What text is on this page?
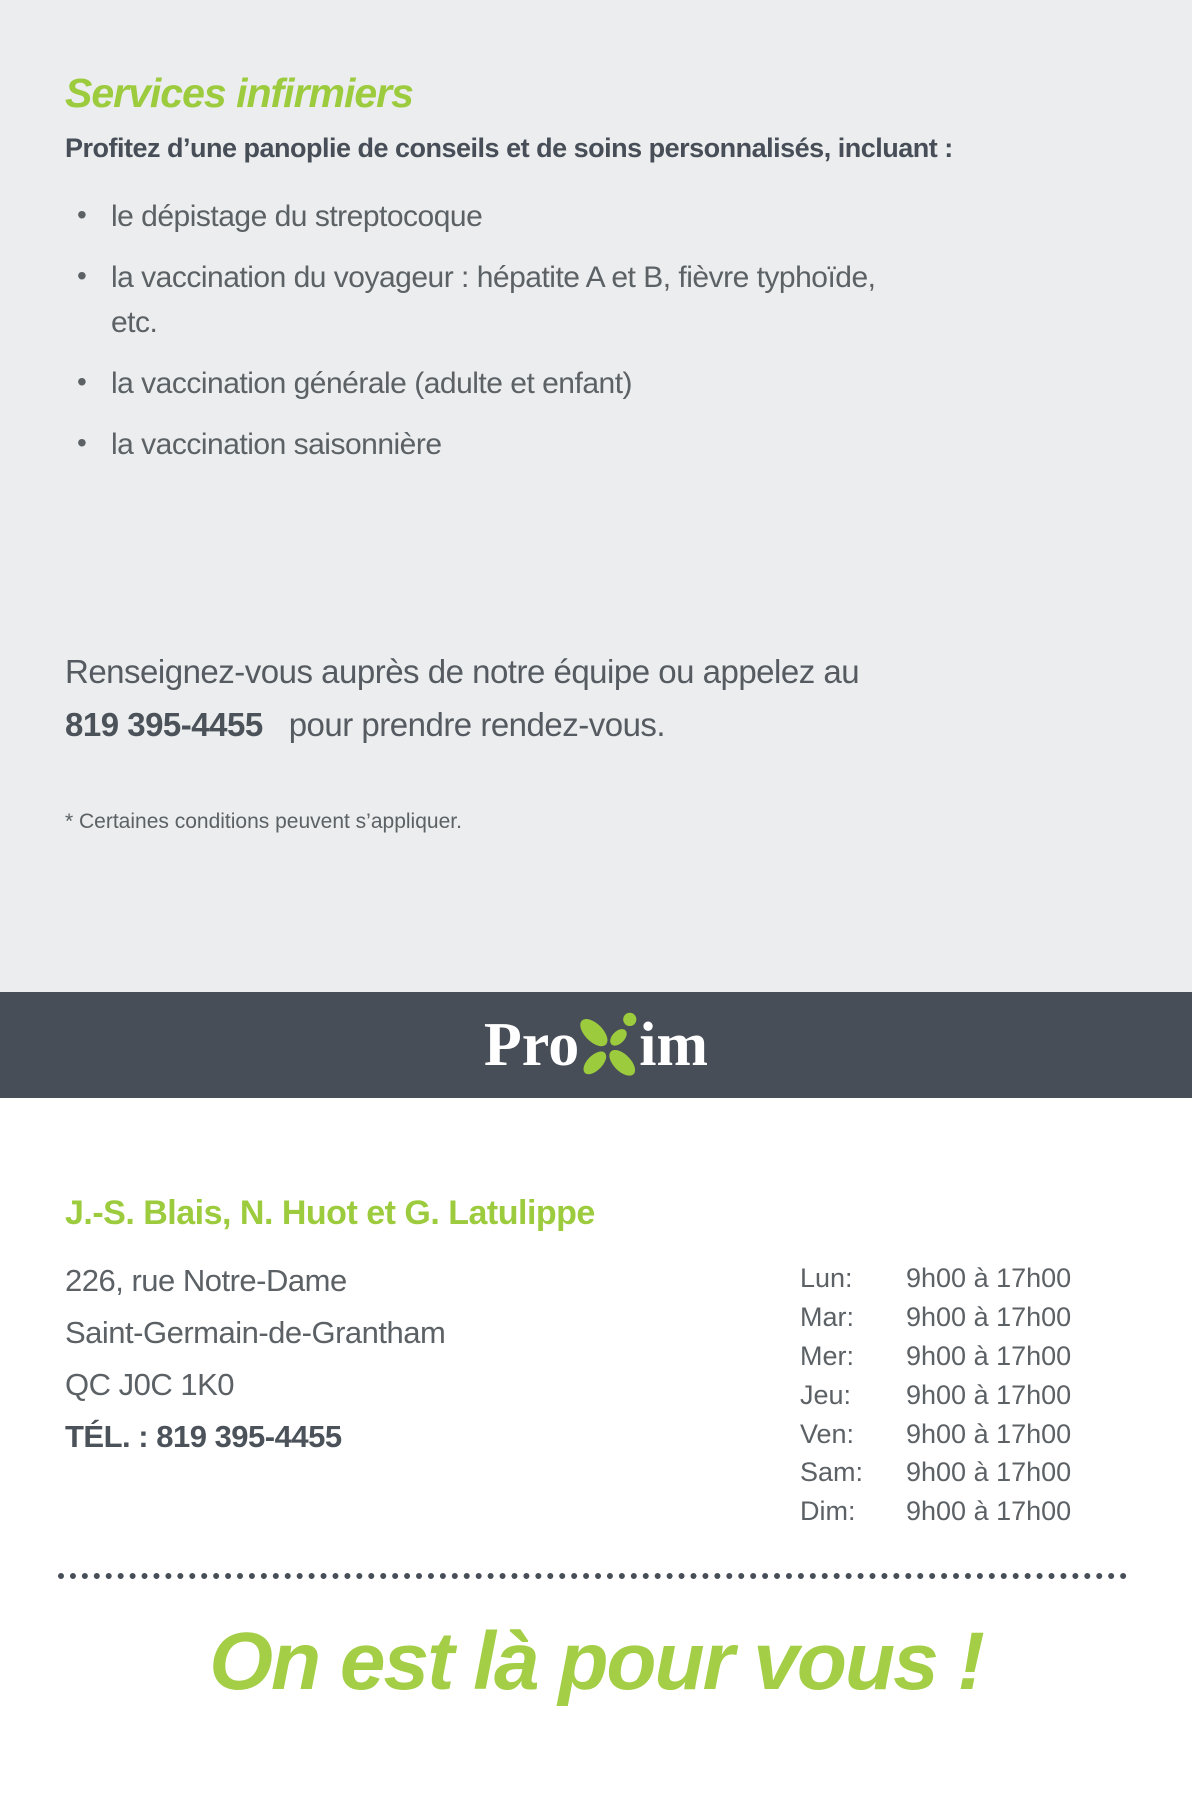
Services infirmiers

Profitez d’une panoplie de conseils et de soins personnalisés, incluant :

• le dépistage du streptocoque
• la vaccination du voyageur : hépatite A et B, fièvre typhoïde, etc.
• la vaccination générale (adulte et enfant)
• la vaccination saisonnière

Renseignez-vous auprès de notre équipe ou appelez au
819 395-4455 pour prendre rendez-vous.

* Certaines conditions peuvent s’appliquer.

Pro im
J.-S. Blais, N. Huot et G. Latulippe
226, rue Notre-Dame
Saint-Germain-de-Grantham
QC J0C 1K0
TÉL. : 819 395-4455
Lun:	9h00 à 17h00
Mar:	9h00 à 17h00
Mer:	9h00 à 17h00
Jeu:	9h00 à 17h00
Ven:	9h00 à 17h00
Sam:	9h00 à 17h00
Dim:	9h00 à 17h00
On est là pour vous !
